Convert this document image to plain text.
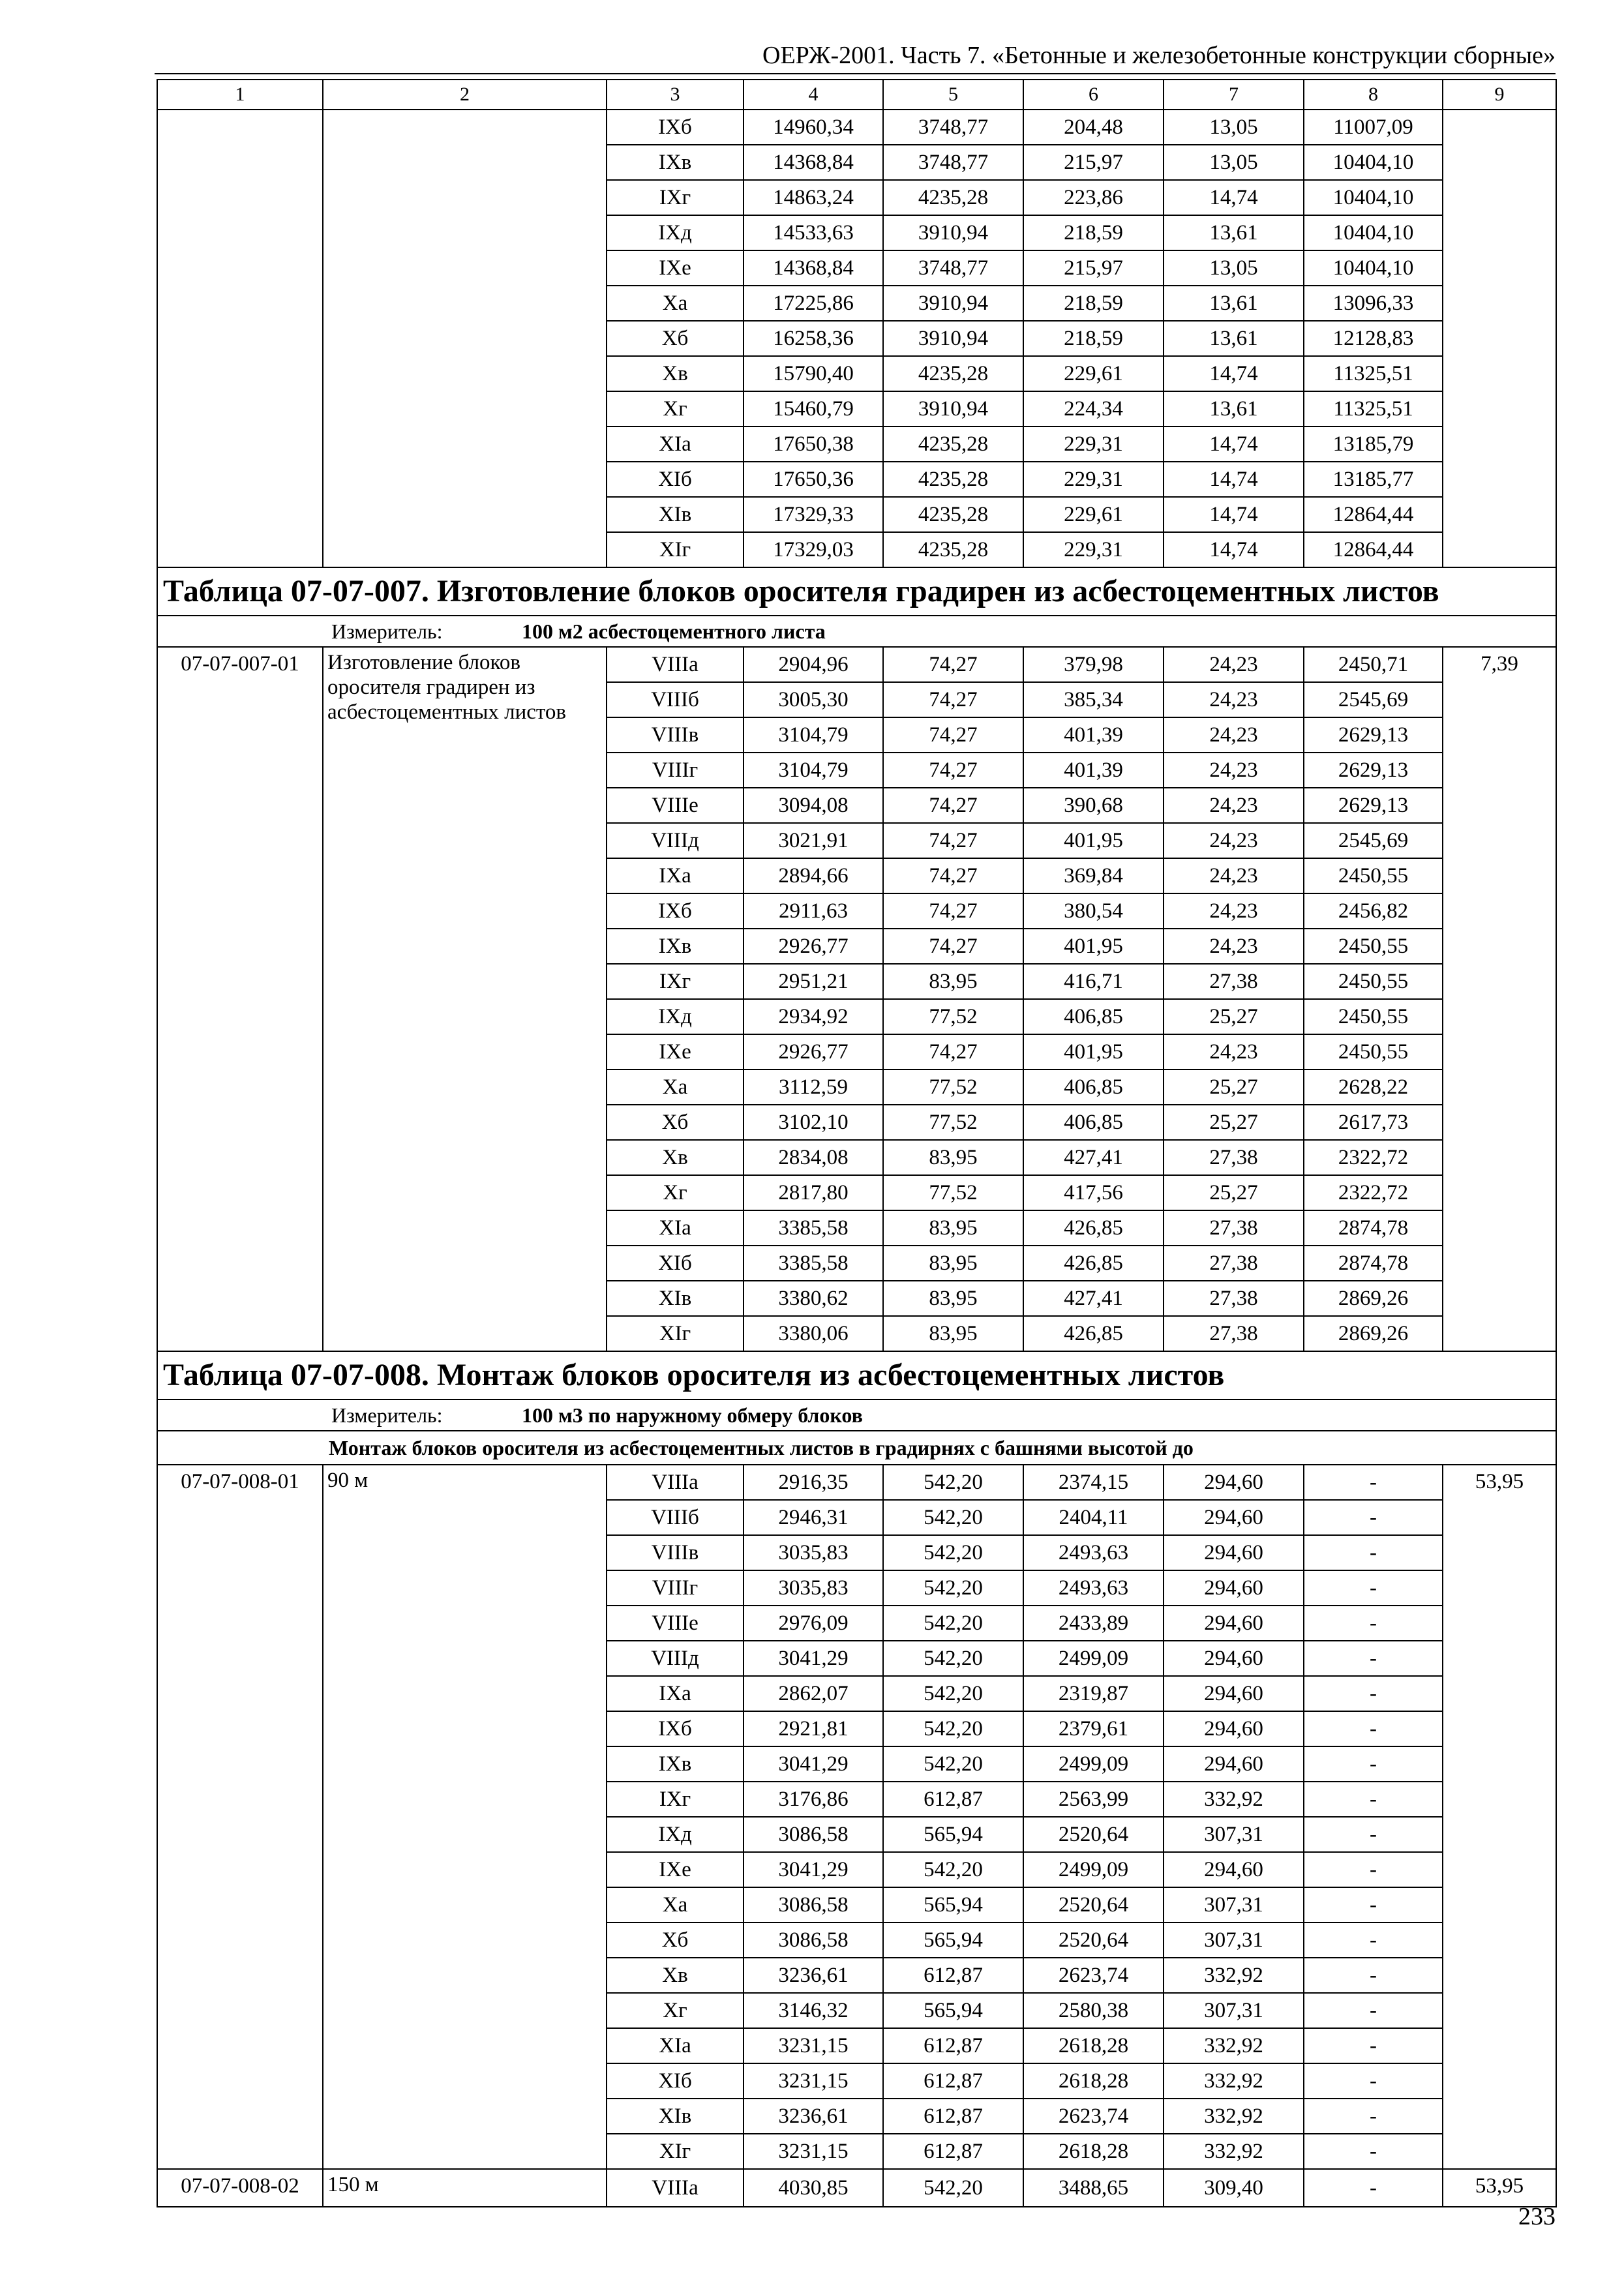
ОЕРЖ-2001. Часть 7. «Бетонные и железобетонные конструкции сборные»
1	2	3	4	5	6	7	8	9
		IXб	14960,34	3748,77	204,48	13,05	11007,09	
		IXв	14368,84	3748,77	215,97	13,05	10404,10	
		IXг	14863,24	4235,28	223,86	14,74	10404,10	
		IXд	14533,63	3910,94	218,59	13,61	10404,10	
		IXе	14368,84	3748,77	215,97	13,05	10404,10	
		Xа	17225,86	3910,94	218,59	13,61	13096,33	
		Xб	16258,36	3910,94	218,59	13,61	12128,83	
		Xв	15790,40	4235,28	229,61	14,74	11325,51	
		Xг	15460,79	3910,94	224,34	13,61	11325,51	
		XIа	17650,38	4235,28	229,31	14,74	13185,79	
		XIб	17650,36	4235,28	229,31	14,74	13185,77	
		XIв	17329,33	4235,28	229,61	14,74	12864,44	
		XIг	17329,03	4235,28	229,31	14,74	12864,44	
Таблица 07-07-007. Изготовление блоков оросителя градирен из асбестоцементных листов								
Измеритель: 100 м2 асбестоцементного листа								
07-07-007-01	Изготовление блоков оросителя градирен из асбестоцементных листов	VIIIа	2904,96	74,27	379,98	24,23	2450,71	7,39
		VIIIб	3005,30	74,27	385,34	24,23	2545,69	
		VIIIв	3104,79	74,27	401,39	24,23	2629,13	
		VIIIг	3104,79	74,27	401,39	24,23	2629,13	
		VIIIе	3094,08	74,27	390,68	24,23	2629,13	
		VIIIд	3021,91	74,27	401,95	24,23	2545,69	
		IXа	2894,66	74,27	369,84	24,23	2450,55	
		IXб	2911,63	74,27	380,54	24,23	2456,82	
		IXв	2926,77	74,27	401,95	24,23	2450,55	
		IXг	2951,21	83,95	416,71	27,38	2450,55	
		IXд	2934,92	77,52	406,85	25,27	2450,55	
		IXе	2926,77	74,27	401,95	24,23	2450,55	
		Xа	3112,59	77,52	406,85	25,27	2628,22	
		Xб	3102,10	77,52	406,85	25,27	2617,73	
		Xв	2834,08	83,95	427,41	27,38	2322,72	
		Xг	2817,80	77,52	417,56	25,27	2322,72	
		XIа	3385,58	83,95	426,85	27,38	2874,78	
		XIб	3385,58	83,95	426,85	27,38	2874,78	
		XIв	3380,62	83,95	427,41	27,38	2869,26	
		XIг	3380,06	83,95	426,85	27,38	2869,26	
Таблица 07-07-008. Монтаж блоков оросителя из асбестоцементных листов								
Измеритель: 100 м3 по наружному обмеру блоков								
Монтаж блоков оросителя из асбестоцементных листов в градирнях с башнями высотой до								
07-07-008-01	90 м	VIIIа	2916,35	542,20	2374,15	294,60	-	53,95
		VIIIб	2946,31	542,20	2404,11	294,60	-	
		VIIIв	3035,83	542,20	2493,63	294,60	-	
		VIIIг	3035,83	542,20	2493,63	294,60	-	
		VIIIе	2976,09	542,20	2433,89	294,60	-	
		VIIIд	3041,29	542,20	2499,09	294,60	-	
		IXа	2862,07	542,20	2319,87	294,60	-	
		IXб	2921,81	542,20	2379,61	294,60	-	
		IXв	3041,29	542,20	2499,09	294,60	-	
		IXг	3176,86	612,87	2563,99	332,92	-	
		IXд	3086,58	565,94	2520,64	307,31	-	
		IXе	3041,29	542,20	2499,09	294,60	-	
		Xа	3086,58	565,94	2520,64	307,31	-	
		Xб	3086,58	565,94	2520,64	307,31	-	
		Xв	3236,61	612,87	2623,74	332,92	-	
		Xг	3146,32	565,94	2580,38	307,31	-	
		XIа	3231,15	612,87	2618,28	332,92	-	
		XIб	3231,15	612,87	2618,28	332,92	-	
		XIв	3236,61	612,87	2623,74	332,92	-	
		XIг	3231,15	612,87	2618,28	332,92	-	
07-07-008-02	150 м	VIIIа	4030,85	542,20	3488,65	309,40	-	53,95
233
